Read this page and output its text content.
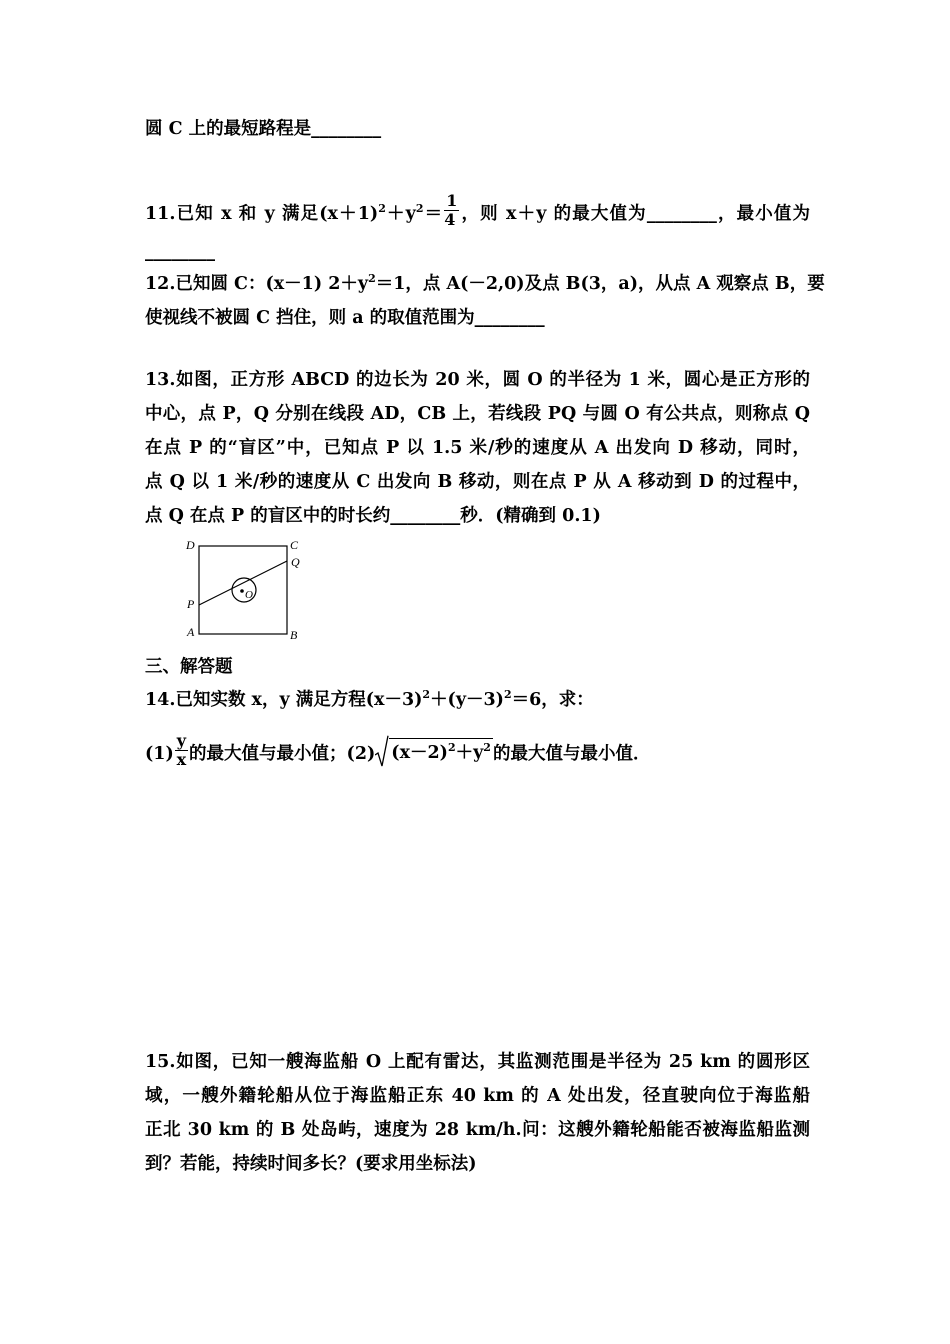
圆 C 上的最短路程是________
11.已知 x 和 y 满足$(x+1)^2+y^2= \frac{1}{4}$ ，则 x＋y 的最大值为________，最小值为
________
12.已知圆 C：(x－1) $2+y^2=1$，点 A(－2,0)及点 B(3，a)，从点 A 观察点 B，要
使视线不被圆 C 挡住，则 a 的取值范围为________
13.如图，正方形 ABCD 的边长为 20 米，圆 O 的半径为 1 米，圆心是正方形的
中心，点 P，Q 分别在线段 AD，CB 上，若线段 PQ 与圆 O 有公共点，则称点 Q
在点 P 的“盲区”中，已知点 P 以 1.5 米/秒的速度从 A 出发向 D 移动，同时，
点 Q 以 1 米/秒的速度从 C 出发向 B 移动，则在点 P 从 A 移动到 D 的过程中，
点 Q 在点 P 的盲区中的时长约________秒．(精确到 0.1)
D	C
Q
P
O
A	B
三、解答题
14.已知实数 x，y 满足方程$(x-3)^2+(y-3)^2=6$，求：
$(1) \frac{y}{x}$ 的最大值与最小值；(2) $(x-2)^2+y^2$ 的最大值与最小值．
15.如图，已知一艘海监船 O 上配有雷达，其监测范围是半径为 25 km 的圆形区
域，一艘外籍轮船从位于海监船正东 40 km 的 A 处出发，径直驶向位于海监船
正北 30 km 的 B 处岛屿，速度为 28 km/h.问：这艘外籍轮船能否被海监船监测
到？若能，持续时间多长？(要求用坐标法)
